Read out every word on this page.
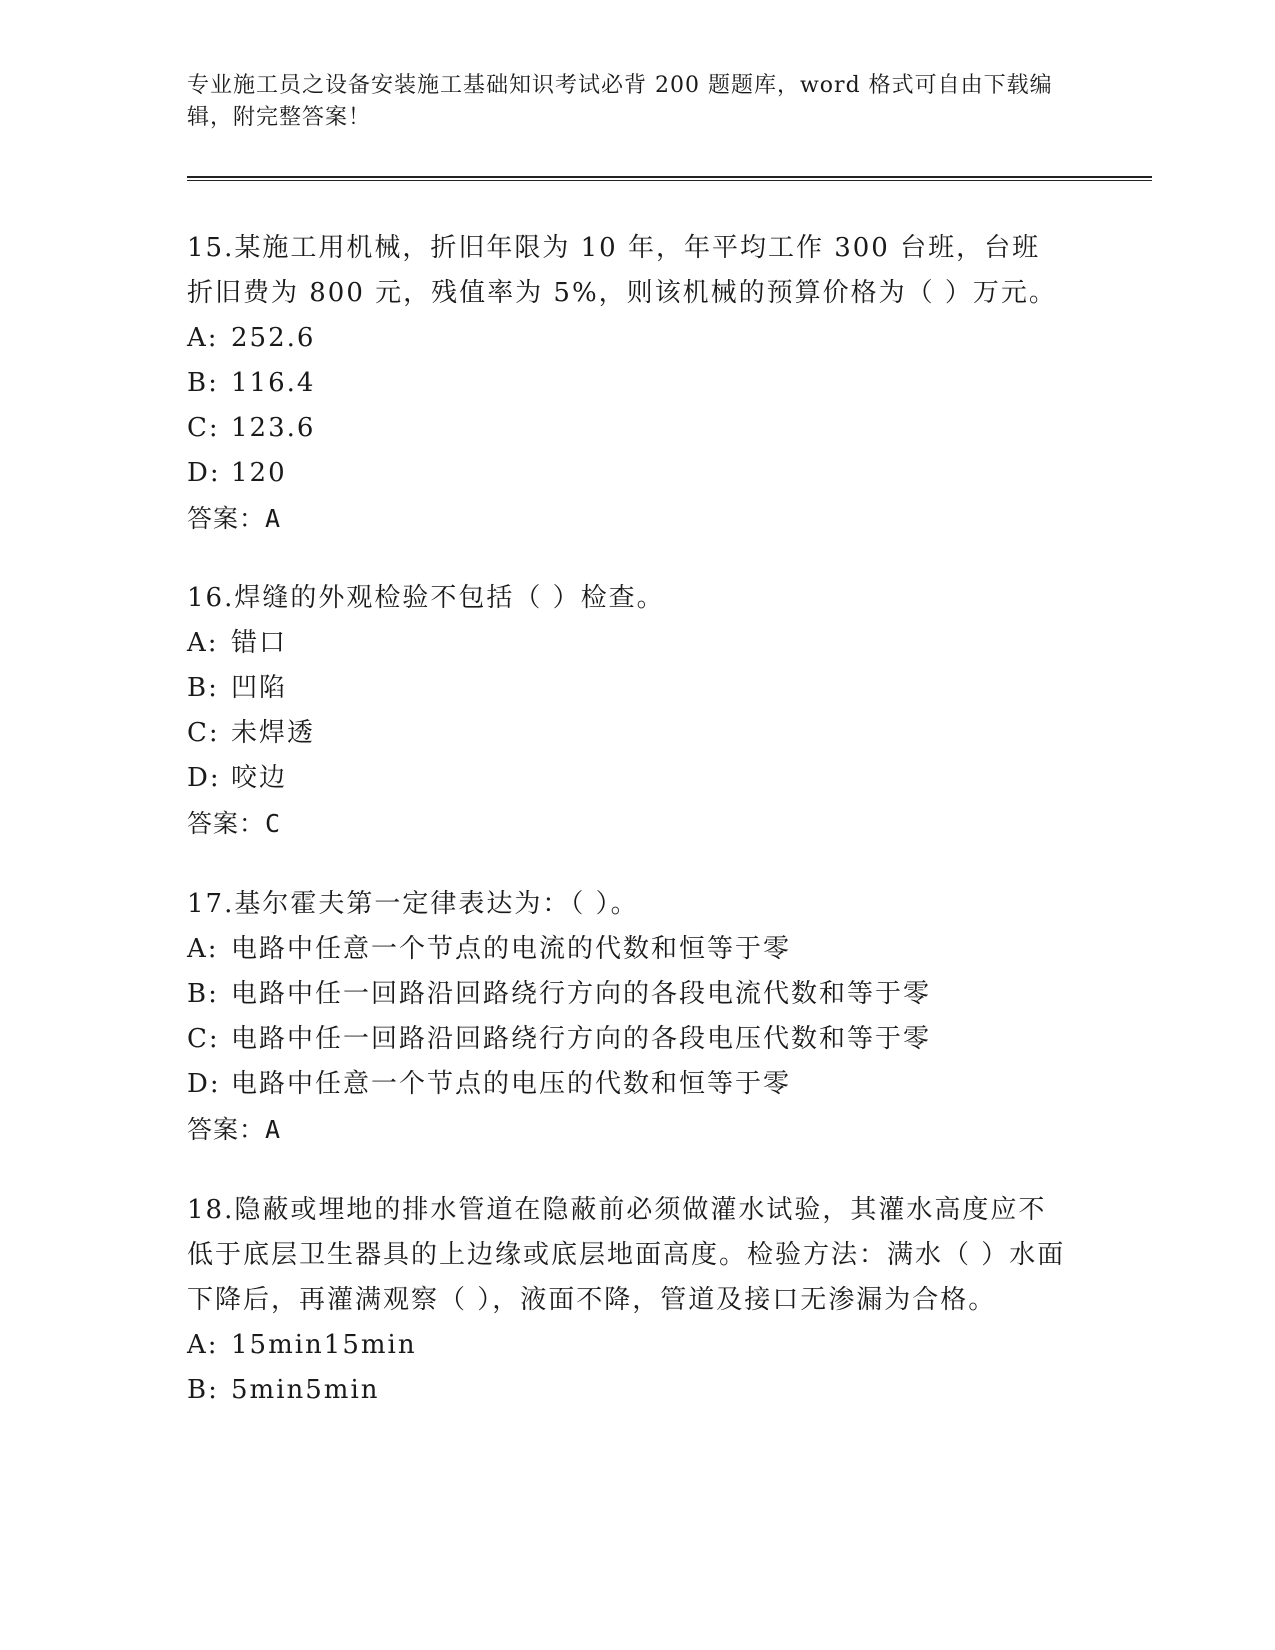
专业施工员之设备安装施工基础知识考试必背 200 题题库，word 格式可自由下载编辑，附完整答案！
15.某施工用机械，折旧年限为 10 年，年平均工作 300 台班，台班折旧费为 800 元，残值率为 5%，则该机械的预算价格为（ ）万元。
A: 252.6
B: 116.4
C: 123.6
D: 120
答案：A
16.焊缝的外观检验不包括（ ）检查。
A: 错口
B: 凹陷
C: 未焊透
D: 咬边
答案：C
17.基尔霍夫第一定律表达为：（ ）。
A: 电路中任意一个节点的电流的代数和恒等于零
B: 电路中任一回路沿回路绕行方向的各段电流代数和等于零
C: 电路中任一回路沿回路绕行方向的各段电压代数和等于零
D: 电路中任意一个节点的电压的代数和恒等于零
答案：A
18.隐蔽或埋地的排水管道在隐蔽前必须做灌水试验，其灌水高度应不低于底层卫生器具的上边缘或底层地面高度。检验方法：满水（ ）水面下降后，再灌满观察（ ），液面不降，管道及接口无渗漏为合格。
A: 15min15min
B: 5min5min
